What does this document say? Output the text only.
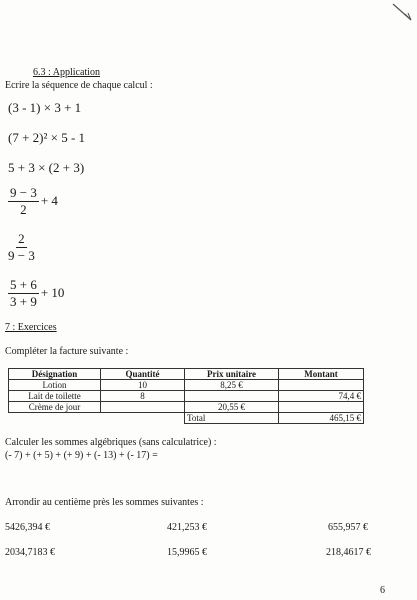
6.3 : Application
Ecrire la séquence de chaque calcul :
(3 - 1) × 3 + 1
(7 + 2)² × 5 - 1
5 + 3 × (2 + 3)
$\frac{9 - 3}{2} + 4$
$\frac{2}{9 - 3}$
$\frac{5 + 6}{3 + 9} + 10$
7 : Exercices
Compléter la facture suivante :
Désignation	Quantité	Prix unitaire	Montant
Lotion	10	8,25 €	
Lait de toilette	8		74,4 €
Crème de jour		20,55 €	
		Total	465,15 €
Calculer les sommes algébriques (sans calculatrice) :
(- 7) + (+ 5) + (+ 9) + (- 13) + (- 17) =
Arrondir au centième près les sommes suivantes :
5426,394 €	421,253 €	655,957 €
2034,7183 €	15,9965 €	218,4617 €
6
